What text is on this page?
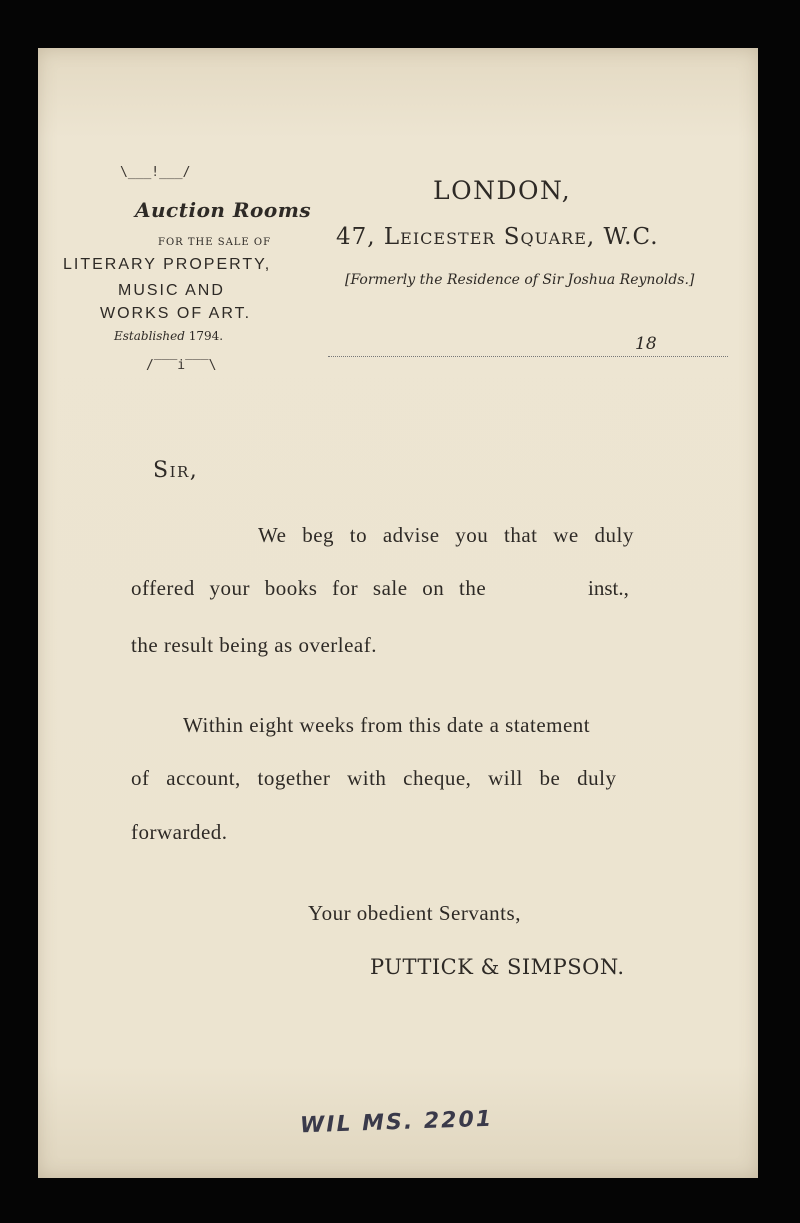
\___!___/
Auction Rooms
FOR THE SALE OF
LITERARY PROPERTY,
MUSIC AND
WORKS OF ART.
Established 1794.
/‾‾‾i‾‾‾\
LONDON,
47, Leicester Square, W.C.
[Formerly the Residence of Sir Joshua Reynolds.]
18
Sir,
We beg to advise you that we duly
offered your books for sale on the	inst.,
the result being as overleaf.
Within eight weeks from this date a statement
of account, together with cheque, will be duly
forwarded.
Your obedient Servants,
PUTTICK & SIMPSON.
WIL MS. 2201
